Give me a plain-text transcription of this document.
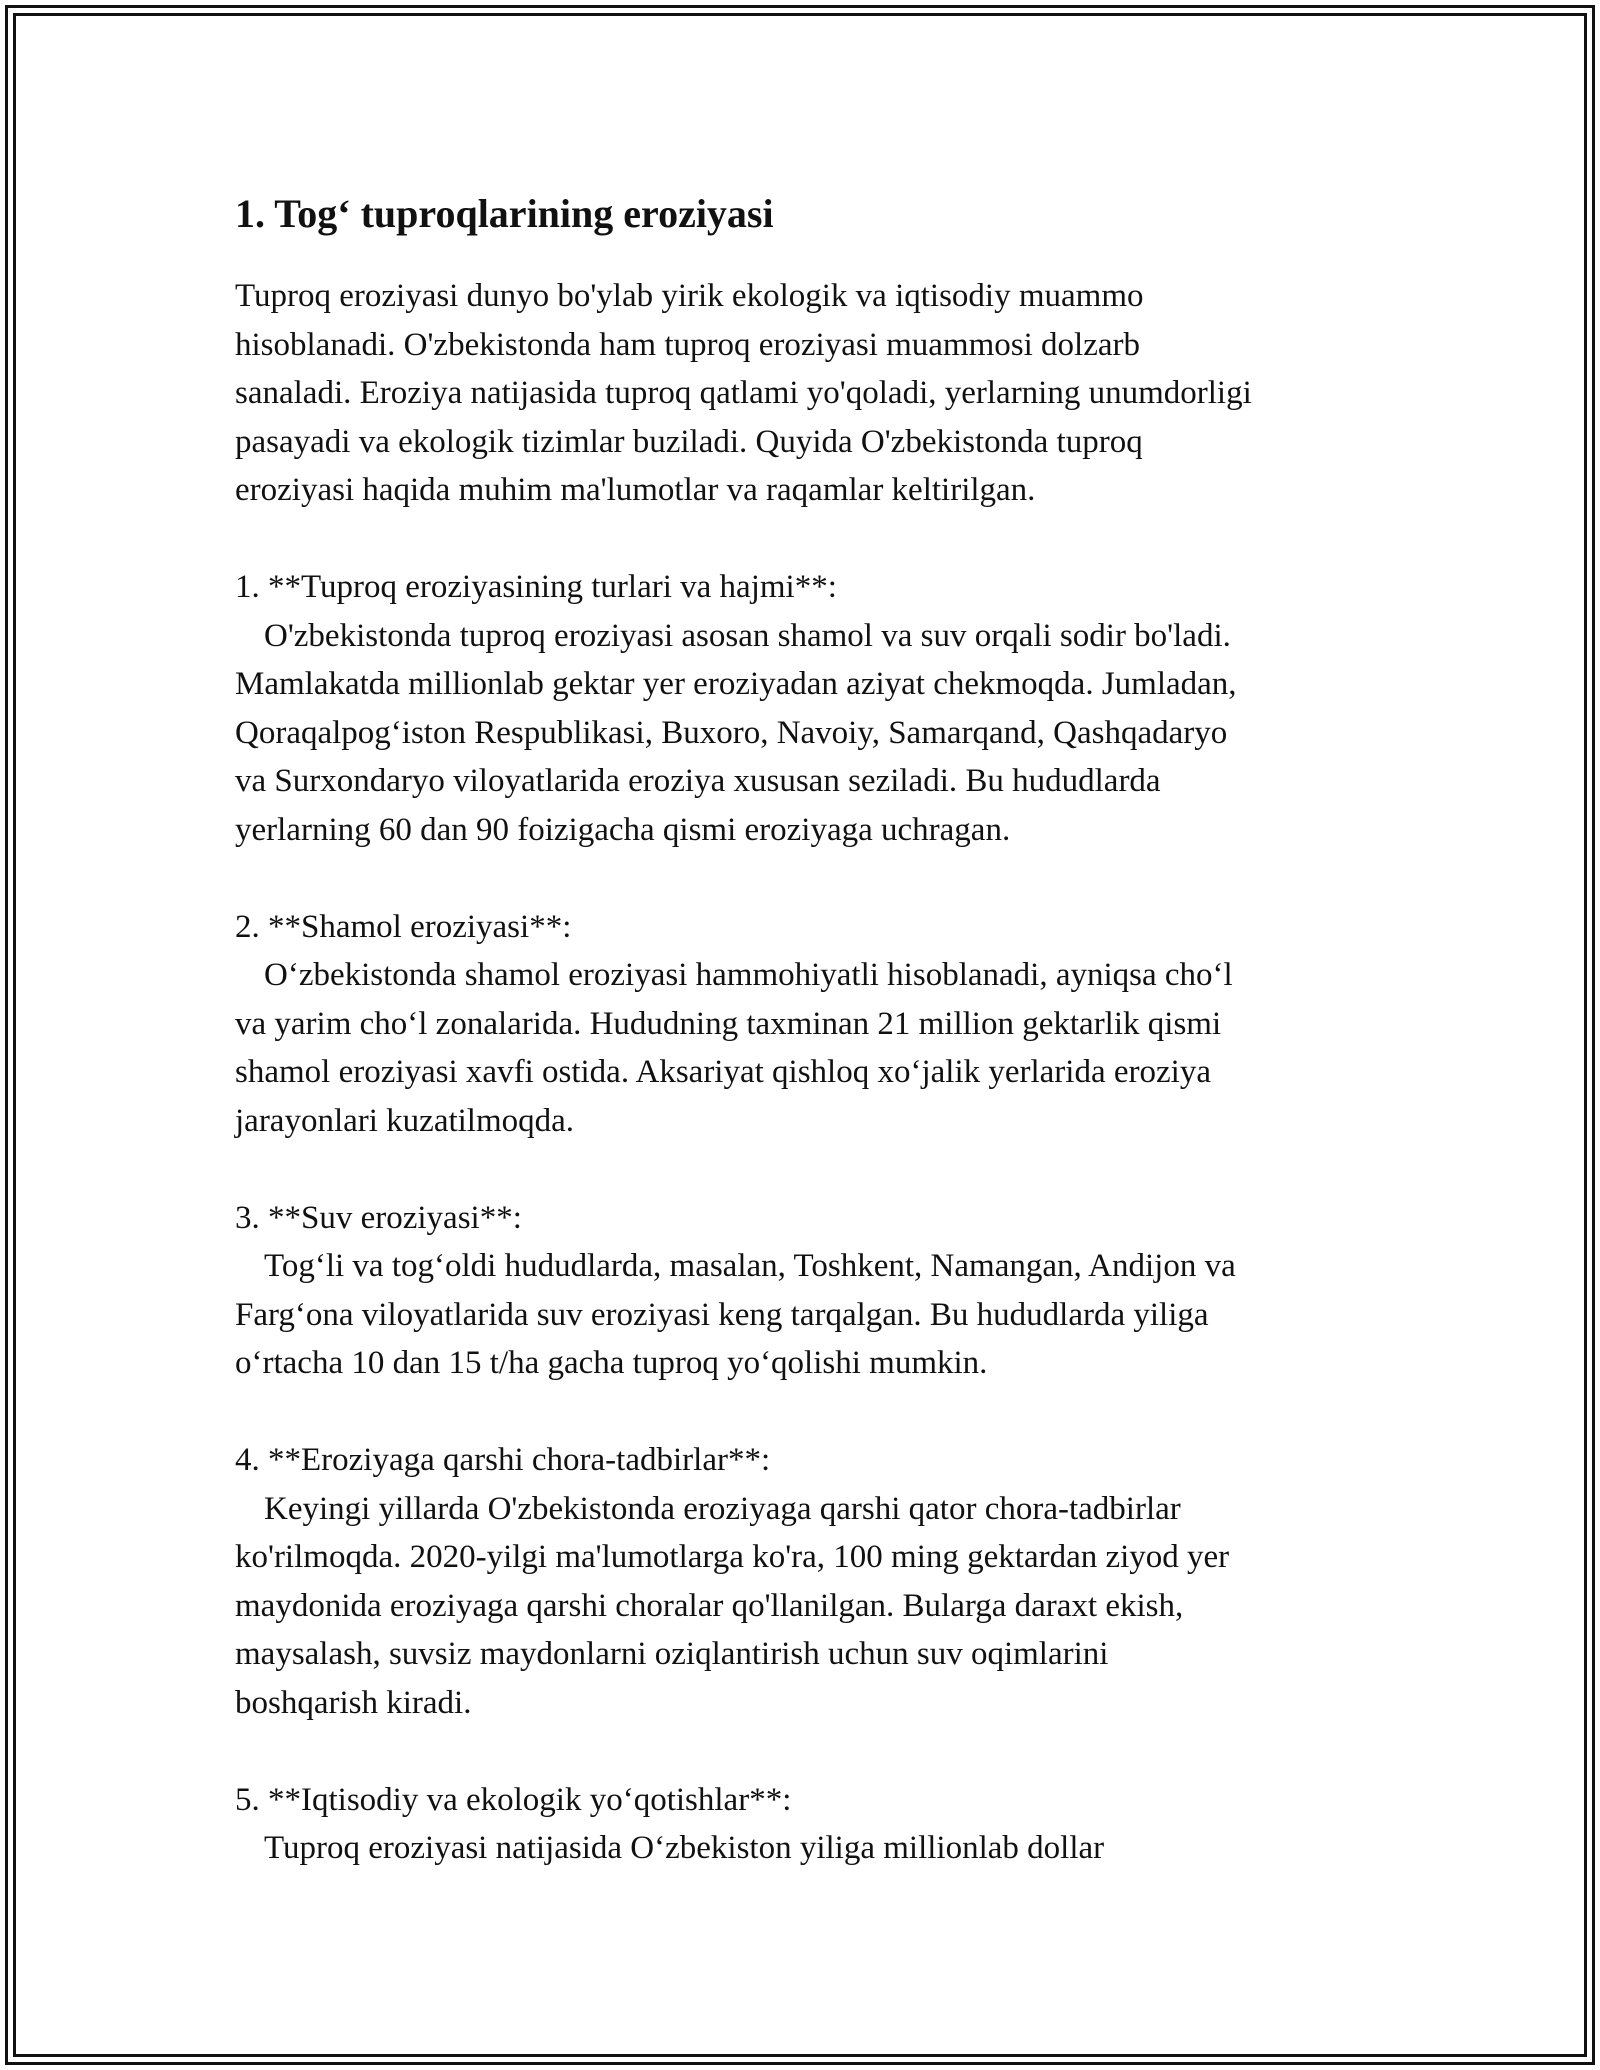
1. Tog‘ tuproqlarining eroziyasi

Tuproq eroziyasi dunyo bo'ylab yirik ekologik va iqtisodiy muammo
hisoblanadi. O'zbekistonda ham tuproq eroziyasi muammosi dolzarb
sanaladi. Eroziya natijasida tuproq qatlami yo'qoladi, yerlarning unumdorligi
pasayadi va ekologik tizimlar buziladi. Quyida O'zbekistonda tuproq
eroziyasi haqida muhim ma'lumotlar va raqamlar keltirilgan.

1. **Tuproq eroziyasining turlari va hajmi**:
O'zbekistonda tuproq eroziyasi asosan shamol va suv orqali sodir bo'ladi.
Mamlakatda millionlab gektar yer eroziyadan aziyat chekmoqda. Jumladan,
Qoraqalpog‘iston Respublikasi, Buxoro, Navoiy, Samarqand, Qashqadaryo
va Surxondaryo viloyatlarida eroziya xususan seziladi. Bu hududlarda
yerlarning 60 dan 90 foizigacha qismi eroziyaga uchragan.

2. **Shamol eroziyasi**:
O‘zbekistonda shamol eroziyasi hammohiyatli hisoblanadi, ayniqsa cho‘l
va yarim cho‘l zonalarida. Hududning taxminan 21 million gektarlik qismi
shamol eroziyasi xavfi ostida. Aksariyat qishloq xo‘jalik yerlarida eroziya
jarayonlari kuzatilmoqda.

3. **Suv eroziyasi**:
Tog‘li va tog‘oldi hududlarda, masalan, Toshkent, Namangan, Andijon va
Farg‘ona viloyatlarida suv eroziyasi keng tarqalgan. Bu hududlarda yiliga
o‘rtacha 10 dan 15 t/ha gacha tuproq yo‘qolishi mumkin.

4. **Eroziyaga qarshi chora-tadbirlar**:
Keyingi yillarda O'zbekistonda eroziyaga qarshi qator chora-tadbirlar
ko'rilmoqda. 2020-yilgi ma'lumotlarga ko'ra, 100 ming gektardan ziyod yer
maydonida eroziyaga qarshi choralar qo'llanilgan. Bularga daraxt ekish,
maysalash, suvsiz maydonlarni oziqlantirish uchun suv oqimlarini
boshqarish kiradi.

5. **Iqtisodiy va ekologik yo‘qotishlar**:
Tuproq eroziyasi natijasida O‘zbekiston yiliga millionlab dollar
